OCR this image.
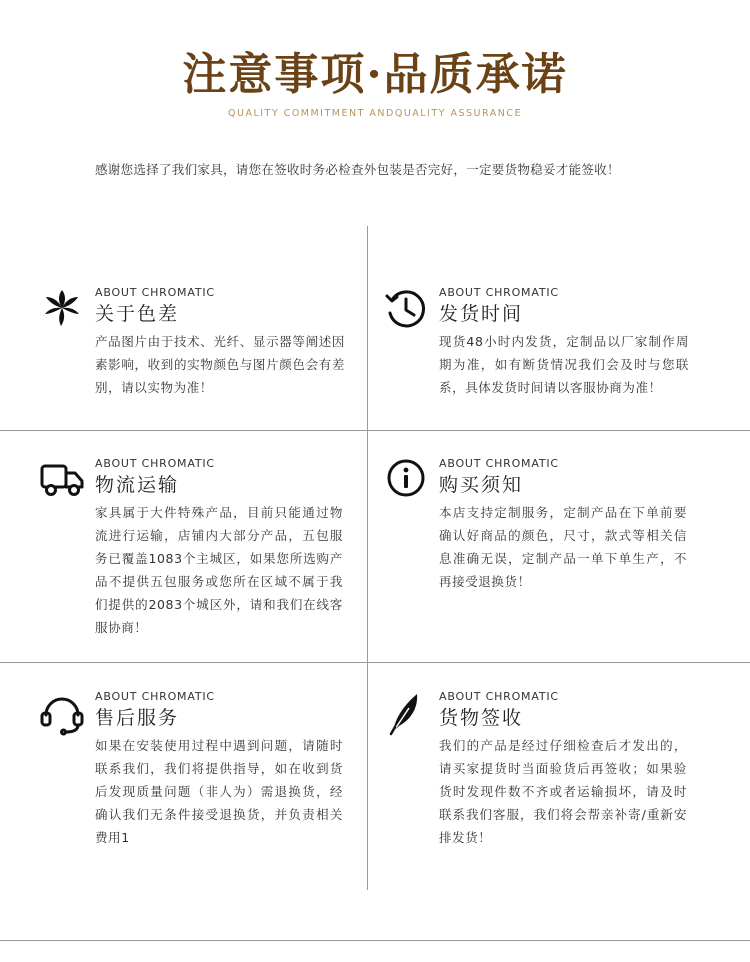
注意事项·品质承诺
QUALITY COMMITMENT ANDQUALITY ASSURANCE
感谢您选择了我们家具，请您在签收时务必检查外包装是否完好，一定要货物稳妥才能签收！
ABOUT CHROMATIC
关于色差
产品图片由于技术、光纤、显示器等阐述因素影响，收到的实物颜色与图片颜色会有差别，请以实物为准！
ABOUT CHROMATIC
发货时间
现货48小时内发货，定制品以厂家制作周期为准，如有断货情况我们会及时与您联系，具体发货时间请以客服协商为准！
ABOUT CHROMATIC
物流运输
家具属于大件特殊产品，目前只能通过物流进行运输，店铺内大部分产品，五包服务已覆盖1083个主城区，如果您所选购产品不提供五包服务或您所在区域不属于我们提供的2083个城区外，请和我们在线客服协商！
ABOUT CHROMATIC
购买须知
本店支持定制服务，定制产品在下单前要确认好商品的颜色，尺寸，款式等相关信息准确无误，定制产品一单下单生产，不再接受退换货！
ABOUT CHROMATIC
售后服务
如果在安装使用过程中遇到问题，请随时联系我们，我们将提供指导，如在收到货后发现质量问题（非人为）需退换货，经确认我们无条件接受退换货，并负责相关费用1
ABOUT CHROMATIC
货物签收
我们的产品是经过仔细检查后才发出的，请买家提货时当面验货后再签收；如果验货时发现件数不齐或者运输损坏，请及时联系我们客服，我们将会帮亲补寄/重新安排发货！
